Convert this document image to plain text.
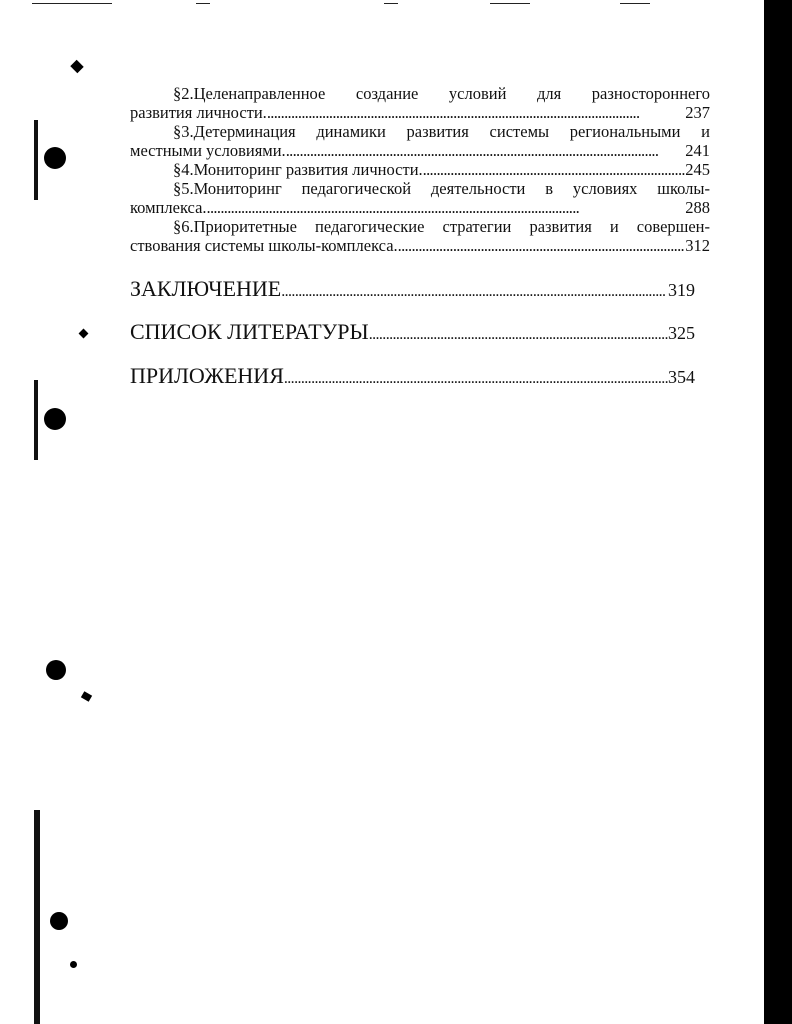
§2.Целенаправленное создание условий для разностороннего
развития личности. . . .	237
§3.Детерминация динамики развития системы региональными и
местными условиями. . . .	241
§4.Мониторинг развития личности. . . .	245
§5.Мониторинг педагогической деятельности в условиях школы-
комплекса. . . .	288
§6.Приоритетные педагогические стратегии развития и совершен-
ствования системы школы-комплекса. . . .	312
ЗАКЛЮЧЕНИЕ . . .	319
СПИСОК ЛИТЕРАТУРЫ . . .	325
ПРИЛОЖЕНИЯ . . .	354
